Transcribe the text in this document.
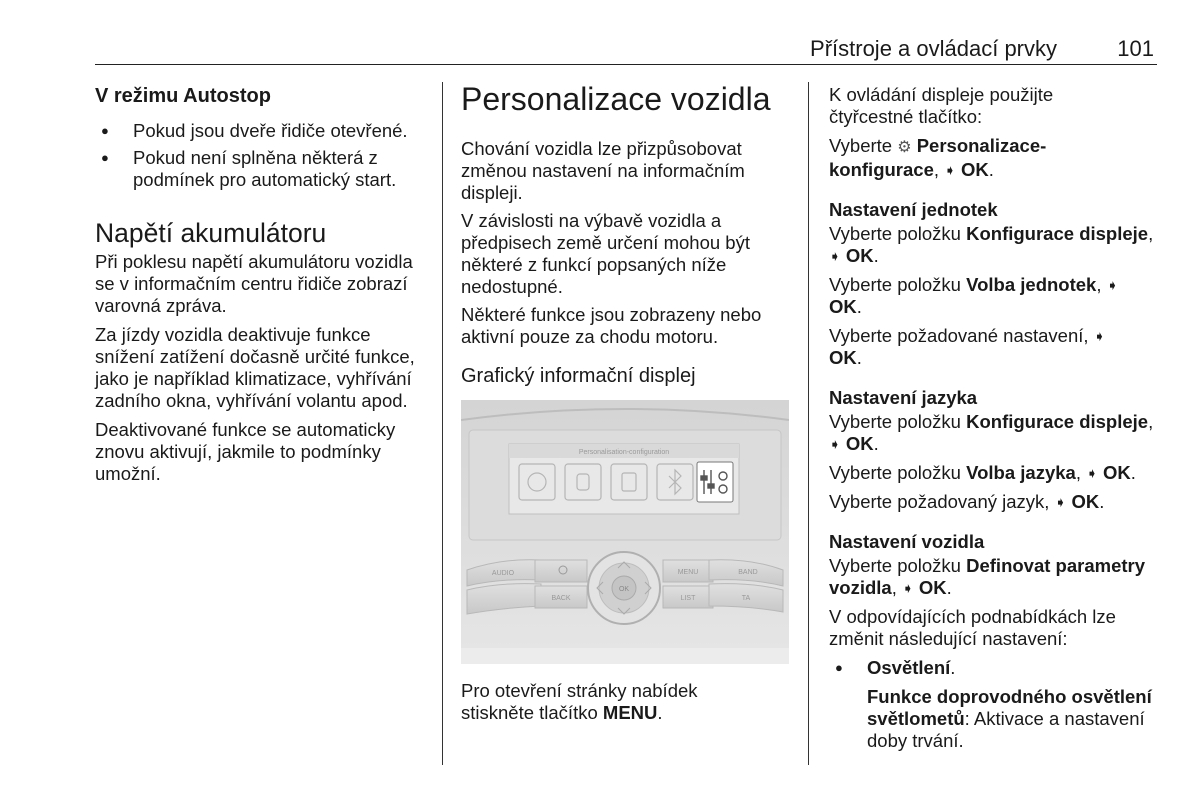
Přístroje a ovládací prvky	101
V režimu Autostop
● Pokud jsou dveře řidiče otevřené.
● Pokud není splněna některá z podmínek pro automatický start.
Napětí akumulátoru

Při poklesu napětí akumulátoru vozidla se v informačním centru řidiče zobrazí varovná zpráva.

Za jízdy vozidla deaktivuje funkce snížení zatížení dočasně určité funkce, jako je například klimatizace, vyhřívání zadního okna, vyhřívání volantu apod.

Deaktivované funkce se automaticky znovu aktivují, jakmile to podmínky umožní.

Personalizace vozidla

Chování vozidla lze přizpůsobovat změnou nastavení na informačním displeji.

V závislosti na výbavě vozidla a předpisech země určení mohou být některé z funkcí popsaných níže nedostupné.

Některé funkce jsou zobrazeny nebo aktivní pouze za chodu motoru.

Grafický informační displej
Personalisation-configuration
AUDIO	MENU	BAND
BACK	LIST	TA
OK

Pro otevření stránky nabídek stiskněte tlačítko MENU.

K ovládání displeje použijte čtyřcestné tlačítko:

Vyberte ⚙ Personalizace-konfigurace, ➧ OK.

Nastavení jednotek

Vyberte položku Konfigurace displeje, ➧ OK.

Vyberte položku Volba jednotek, ➧ OK.

Vyberte požadované nastavení, ➧ OK.

Nastavení jazyka

Vyberte položku Konfigurace displeje, ➧ OK.

Vyberte položku Volba jazyka, ➧ OK.

Vyberte požadovaný jazyk, ➧ OK.

Nastavení vozidla

Vyberte položku Definovat parametry vozidla, ➧ OK.

V odpovídajících podnabídkách lze změnit následující nastavení:

● Osvětlení.

Funkce doprovodného osvětlení světlometů: Aktivace a nastavení doby trvání.
